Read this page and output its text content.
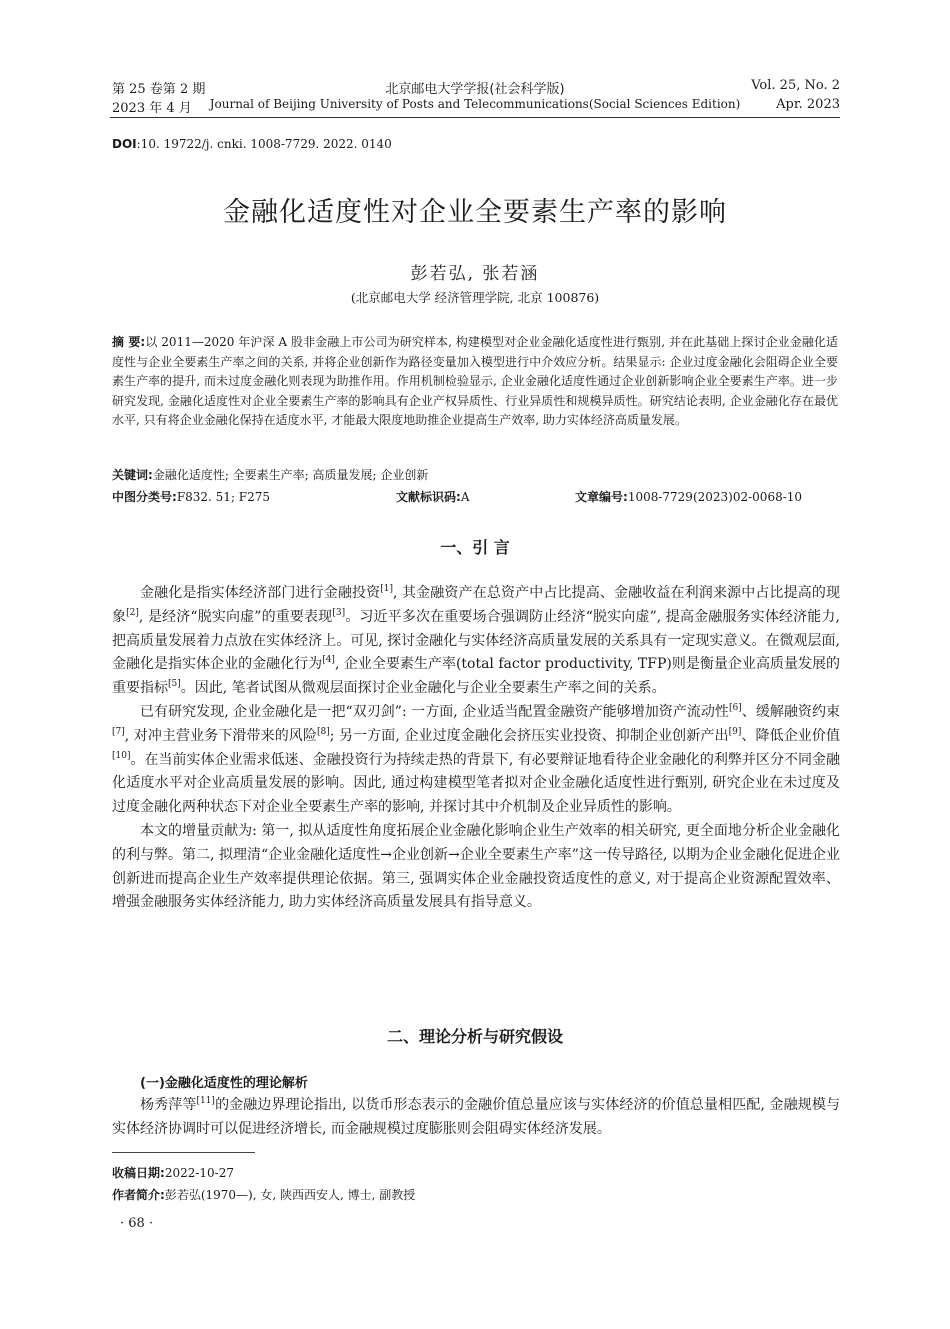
第 25 卷第 2 期
2023 年 4 月
北京邮电大学学报(社会科学版)
Journal of Beijing University of Posts and Telecommunications(Social Sciences Edition)
Vol. 25, No. 2
Apr. 2023
DOI:10. 19722/j. cnki. 1008-7729. 2022. 0140
金融化适度性对企业全要素生产率的影响
彭若弘, 张若涵
(北京邮电大学 经济管理学院, 北京 100876)
摘 要:以 2011—2020 年沪深 A 股非金融上市公司为研究样本, 构建模型对企业金融化适度性进行甄别, 并在此基础上探讨企业金融化适度性与企业全要素生产率之间的关系, 并将企业创新作为路径变量加入模型进行中介效应分析。结果显示: 企业过度金融化会阻碍企业全要素生产率的提升, 而未过度金融化则表现为助推作用。作用机制检验显示, 企业金融化适度性通过企业创新影响企业全要素生产率。进一步研究发现, 金融化适度性对企业全要素生产率的影响具有企业产权异质性、行业异质性和规模异质性。研究结论表明, 企业金融化存在最优水平, 只有将企业金融化保持在适度水平, 才能最大限度地助推企业提高生产效率, 助力实体经济高质量发展。
关键词:金融化适度性; 全要素生产率; 高质量发展; 企业创新
中图分类号:F832. 51; F275	文献标识码:A	文章编号:1008-7729(2023)02-0068-10
一、引 言

金融化是指实体经济部门进行金融投资[1], 其金融资产在总资产中占比提高、金融收益在利润来源中占比提高的现象[2], 是经济“脱实向虚”的重要表现[3]。习近平多次在重要场合强调防止经济“脱实向虚”, 提高金融服务实体经济能力, 把高质量发展着力点放在实体经济上。可见, 探讨金融化与实体经济高质量发展的关系具有一定现实意义。在微观层面, 金融化是指实体企业的金融化行为[4], 企业全要素生产率(total factor productivity, TFP)则是衡量企业高质量发展的重要指标[5]。因此, 笔者试图从微观层面探讨企业金融化与企业全要素生产率之间的关系。

已有研究发现, 企业金融化是一把“双刃剑”: 一方面, 企业适当配置金融资产能够增加资产流动性[6]、缓解融资约束[7], 对冲主营业务下滑带来的风险[8]; 另一方面, 企业过度金融化会挤压实业投资、抑制企业创新产出[9]、降低企业价值[10]。在当前实体企业需求低迷、金融投资行为持续走热的背景下, 有必要辩证地看待企业金融化的利弊并区分不同金融化适度水平对企业高质量发展的影响。因此, 通过构建模型笔者拟对企业金融化适度性进行甄别, 研究企业在未过度及过度金融化两种状态下对企业全要素生产率的影响, 并探讨其中介机制及企业异质性的影响。

本文的增量贡献为: 第一, 拟从适度性角度拓展企业金融化影响企业生产效率的相关研究, 更全面地分析企业金融化的利与弊。第二, 拟理清“企业金融化适度性→企业创新→企业全要素生产率”这一传导路径, 以期为企业金融化促进企业创新进而提高企业生产效率提供理论依据。第三, 强调实体企业金融投资适度性的意义, 对于提高企业资源配置效率、增强金融服务实体经济能力, 助力实体经济高质量发展具有指导意义。

二、理论分析与研究假设
(一)金融化适度性的理论解析

杨秀萍等[11]的金融边界理论指出, 以货币形态表示的金融价值总量应该与实体经济的价值总量相匹配, 金融规模与实体经济协调时可以促进经济增长, 而金融规模过度膨胀则会阻碍实体经济发展。

收稿日期:2022-10-27
作者简介:彭若弘(1970—), 女, 陕西西安人, 博士, 副教授
· 68 ·
